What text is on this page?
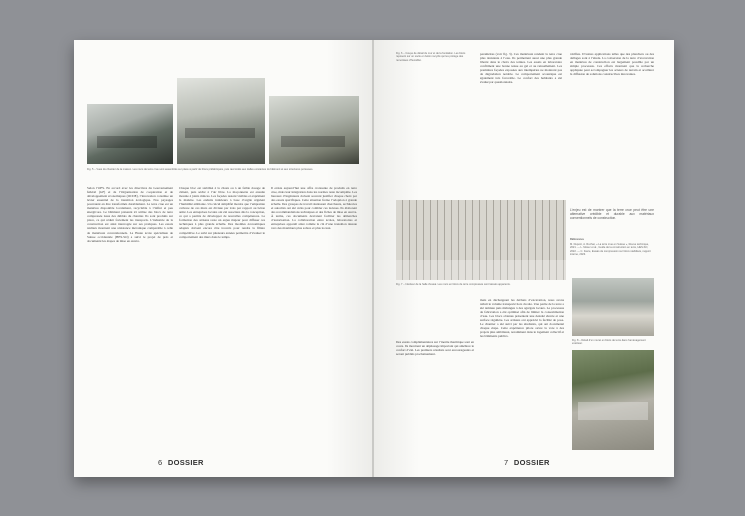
Fig. 5 – Vues du chantier de la maison. Les murs de terre crue sont assemblés sur place à partir de blocs préfabriqués, puis raccordés aux dalles existantes du bâtiment et aux structures porteuses.
Selon l’OFS. En accord avec les directives du Gouvernement fédéral (GF) et de l’Organisation de coopération et de développement économiques (OCDE), l’innovation constitue un levier essentiel de la transition écologique. Nos paysages pourraient en être transformés durablement. La terre crue est un matériau disponible localement, recyclable à l’infini et peu énergivore. Le bâtiment présenté ici utilise des blocs de terre compressée issus des déblais du chantier. Ils sont produits sur place, ce qui réduit fortement les transports. L’industrie de la construction est ainsi interrogée sur ses pratiques. Les essais réalisés montrent une résistance mécanique comparable à celle de matériaux conventionnels. La Haute école spécialisée de Suisse occidentale (HES-SO) a suivi le projet de près et documenté les étapes de mise en œuvre.
Chaque bloc est stabilisé à la chaux ou à un faible dosage de ciment, puis séché à l’air libre. La maçonnerie est ensuite montée à joints minces. Les façades restent visibles et expriment la matière. Les enduits intérieurs à base d’argile régulent l’humidité ambiante. Un calcul simplifié montre que l’empreinte carbone de ces murs est divisée par trois par rapport au béton armé. Les entreprises locales ont été associées dès la conception, ce qui a permis de développer de nouvelles compétences. La formation des artisans reste un enjeu majeur pour diffuser ces techniques à plus grande échelle. Des modèles économiques adaptés doivent encore être trouvés pour rendre la filière compétitive. Le suivi sur plusieurs années permettra d’évaluer le comportement des murs dans le temps.
Il existe aujourd’hui une offre croissante de produits en terre crue, mais leur intégration dans les normes reste incomplète. Les bureaux d’ingénieurs doivent souvent justifier chaque choix par des essais spécifiques. Cette situation freine l’adoption à grande échelle. Des groupes de travail réunissant chercheurs, architectes et autorités ont été créés pour combler ces lacunes. Ils élaborent des recommandations techniques et des fiches de mise en œuvre. À terme, ces documents devraient faciliter les démarches d’autorisation. La collaboration entre écoles, laboratoires et entreprises apparaît ainsi comme la clé d’une transition réussie vers des matériaux plus sobres et plus locaux.
6 DOSSIER
Fig. 6 – Coupe de détail du mur et de la fondation. Les blocs reposent sur un socle en béton recyclé qui les protège des remontées d’humidité.
paramètres (voir fig. 3). Ces matériaux rendent la terre crue plus résistante à l’eau. Ils permettent aussi une plus grande liberté dans le choix des teintes. Les essais en laboratoire confirment une bonne tenue au gel et au ruissellement. Les premières façades exposées aux intempéries ne montrent pas de dégradation notable. Le comportement acoustique est également très favorable. Le confort des habitants a été évalué par questionnaire.
vérifiée. D’autres applications telles que des planchers ou des dallages sont à l’étude. La conversion de la terre d’excavation en matériau de construction est largement possible par un simple processus. Ces efforts montrent que la recherche appliquée peut accompagner les acteurs de terrain et accélérer la diffusion de solutions constructives innovantes.
L’enjeu est de montrer que la terre crue peut être une alternative crédible et durable aux matériaux conventionnels de construction.
Références
M. Dupont, A. Rochat, « La terre crue en Suisse », Revue technique, 2021. — L. Moser et al., Guide de la construction en terre, HES-SO, 2022. — C. Favre, Essais de compression sur blocs stabilisés, rapport interne, 2023.
Fig. 7 – Intérieur de la halle d’essai. Les murs en blocs de terre compressée sont laissés apparents.
Fig. 8 – Détail d’un muret en blocs de terre dans l’aménagement extérieur.
mais en déchargeant les déchets d’excavation, nous avons réduit le volume transporté hors du site. Une partie de la terre a été tamisée puis mélangée à des agrégats locaux. Le processus de fabrication a été optimisé afin de limiter la consommation d’eau. Les blocs obtenus présentent une densité élevée et une surface régulière. Les artisans ont apprécié la facilité de pose. Le chantier a été suivi par les étudiants, qui ont documenté chaque étape. Cette expérience pilote ouvre la voie à des projets plus ambitieux, notamment dans le logement collectif et les bâtiments publics.
Des essais complémentaires sur l’inertie thermique sont en cours. Ils montrent un déphasage important qui améliore le confort d’été. Les premiers résultats sont encourageants et seront publiés prochainement.
7 DOSSIER
